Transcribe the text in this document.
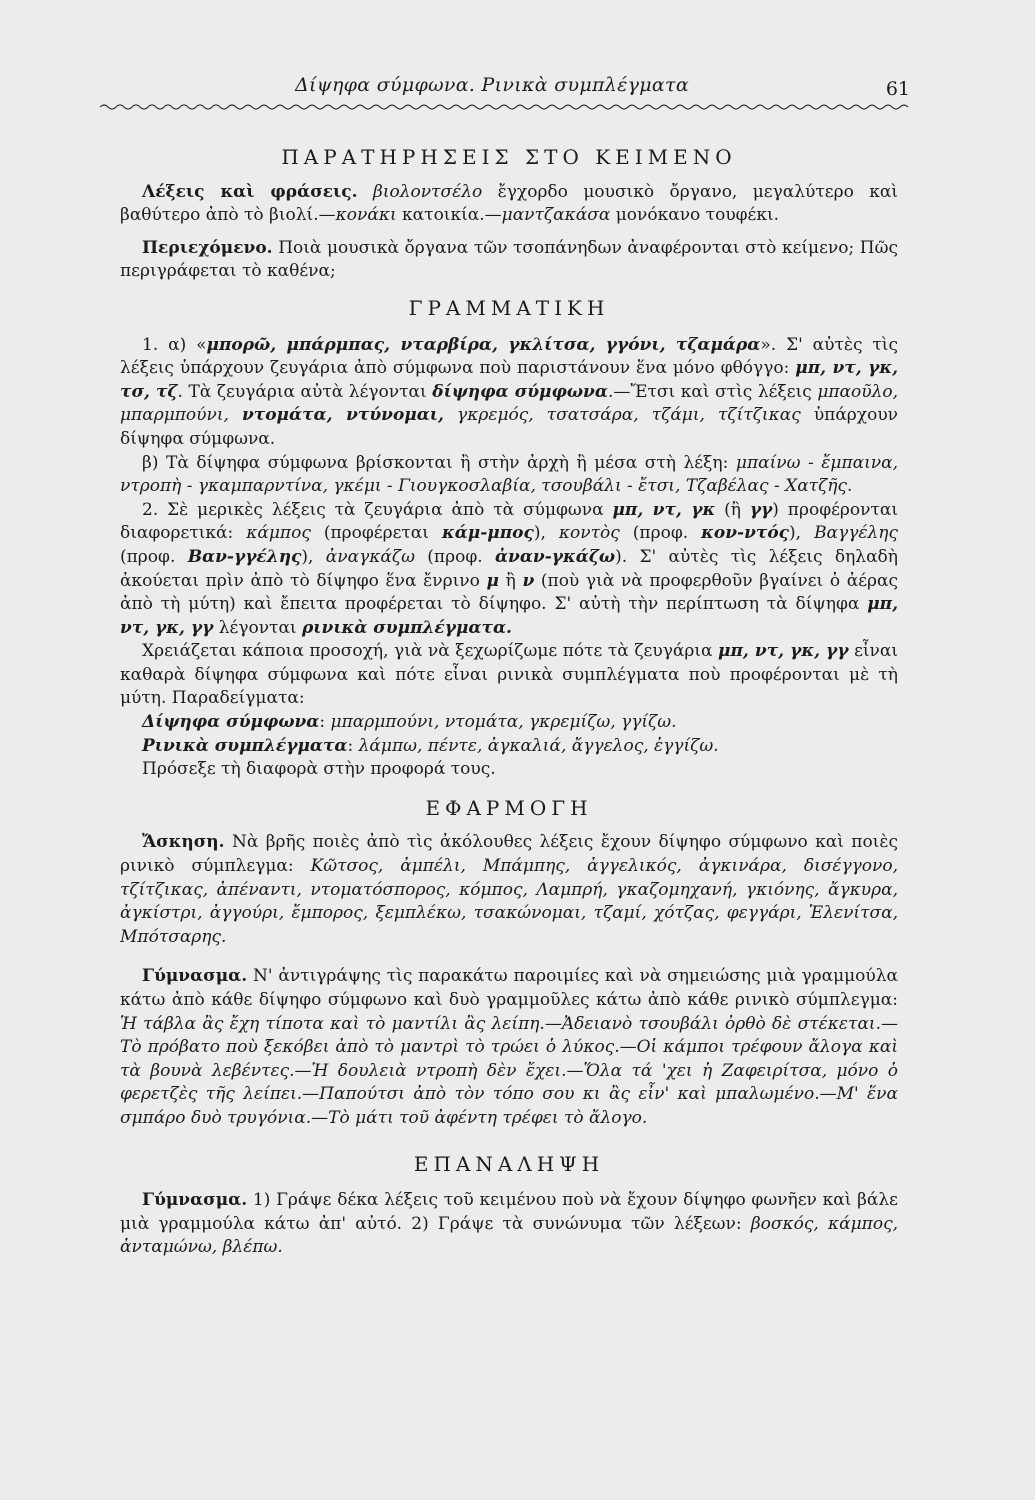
Δίψηφα σύμφωνα. Ρινικὰ συμπλέγματα	61
ΠΑΡΑΤΗΡΗΣΕΙΣ ΣΤΟ ΚΕΙΜΕΝΟ

Λέξεις καὶ φράσεις. βιολοντσέλο ἔγχορδο μουσικὸ ὄργανο, μεγαλύτερο καὶ βαθύτερο ἀπὸ τὸ βιολί.—κονάκι κατοικία.—μαντζακάσα μονόκανο τουφέκι.

Περιεχόμενο. Ποιὰ μουσικὰ ὄργανα τῶν τσοπάνηδων ἀναφέρονται στὸ κείμενο; Πῶς περιγράφεται τὸ καθένα;

ΓΡΑΜΜΑΤΙΚΗ

1. α) «μπορῶ, μπάρμπας, νταρβίρα, γκλίτσα, γγόνι, τζαμάρα». Σ' αὐτὲς τὶς λέξεις ὑπάρχουν ζευγάρια ἀπὸ σύμφωνα ποὺ παριστάνουν ἕνα μόνο φθόγγο: μπ, ντ, γκ, τσ, τζ. Τὰ ζευγάρια αὐτὰ λέγονται δίψηφα σύμφωνα.—Ἔτσι καὶ στὶς λέξεις μπαοῦλο, μπαρμπούνι, ντομάτα, ντύνομαι, γκρεμός, τσατσάρα, τζάμι, τζίτζικας ὑπάρχουν δίψηφα σύμφωνα.

β) Τὰ δίψηφα σύμφωνα βρίσκονται ἢ στὴν ἀρχὴ ἢ μέσα στὴ λέξη: μπαίνω - ἔμπαινα, ντροπὴ - γκαμπαρντίνα, γκέμι - Γιουγκοσλαβία, τσουβάλι - ἔτσι, Τζαβέλας - Χατζῆς.

2. Σὲ μερικὲς λέξεις τὰ ζευγάρια ἀπὸ τὰ σύμφωνα μπ, ντ, γκ (ἢ γγ) προφέρονται διαφορετικά: κάμπος (προφέρεται κάμ-μπος), κοντὸς (προφ. κον-ντός), Βαγγέλης (προφ. Βαν-γγέλης), ἀναγκάζω (προφ. ἀναν-γκάζω). Σ' αὐτὲς τὶς λέξεις δηλαδὴ ἀκούεται πρὶν ἀπὸ τὸ δίψηφο ἕνα ἔνρινο μ ἢ ν (ποὺ γιὰ νὰ προφερθοῦν βγαίνει ὁ ἀέρας ἀπὸ τὴ μύτη) καὶ ἔπειτα προφέρεται τὸ δίψηφο. Σ' αὐτὴ τὴν περίπτωση τὰ δίψηφα μπ, ντ, γκ, γγ λέγονται ρινικὰ συμπλέγματα.

Χρειάζεται κάποια προσοχή, γιὰ νὰ ξεχωρίζωμε πότε τὰ ζευγάρια μπ, ντ, γκ, γγ εἶναι καθαρὰ δίψηφα σύμφωνα καὶ πότε εἶναι ρινικὰ συμπλέγματα ποὺ προφέρονται μὲ τὴ μύτη. Παραδείγματα:

Δίψηφα σύμφωνα: μπαρμπούνι, ντομάτα, γκρεμίζω, γγίζω.

Ρινικὰ συμπλέγματα: λάμπω, πέντε, ἀγκαλιά, ἄγγελος, ἐγγίζω.

Πρόσεξε τὴ διαφορὰ στὴν προφορά τους.

ΕΦΑΡΜΟΓΗ

Ἄσκηση. Νὰ βρῆς ποιὲς ἀπὸ τὶς ἀκόλουθες λέξεις ἔχουν δίψηφο σύμφωνο καὶ ποιὲς ρινικὸ σύμπλεγμα: Κῶτσος, ἀμπέλι, Μπάμπης, ἀγγελικός, ἀγκινάρα, δισέγγονο, τζίτζικας, ἀπέναντι, ντοματόσπορος, κόμπος, Λαμπρή, γκαζομηχανή, γκιόνης, ἄγκυρα, ἀγκίστρι, ἀγγούρι, ἔμπορος, ξεμπλέκω, τσακώνομαι, τζαμί, χότζας, φεγγάρι, Ἑλενίτσα, Μπότσαρης.

Γύμνασμα. Ν' ἀντιγράψης τὶς παρακάτω παροιμίες καὶ νὰ σημειώσης μιὰ γραμμούλα κάτω ἀπὸ κάθε δίψηφο σύμφωνο καὶ δυὸ γραμμοῦλες κάτω ἀπὸ κάθε ρινικὸ σύμπλεγμα: Ἡ τάβλα ἂς ἔχη τίποτα καὶ τὸ μαντίλι ἂς λείπη.—Ἀδειανὸ τσουβάλι ὀρθὸ δὲ στέκεται.—Τὸ πρόβατο ποὺ ξεκόβει ἀπὸ τὸ μαντρὶ τὸ τρώει ὁ λύκος.—Οἱ κάμποι τρέφουν ἄλογα καὶ τὰ βουνὰ λεβέντες.—Ἡ δουλειὰ ντροπὴ δὲν ἔχει.—Ὅλα τά 'χει ἡ Ζαφειρίτσα, μόνο ὁ φερετζὲς τῆς λείπει.—Παπούτσι ἀπὸ τὸν τόπο σου κι ἂς εἶν' καὶ μπαλωμένο.—Μ' ἕνα σμπάρο δυὸ τρυγόνια.—Τὸ μάτι τοῦ ἀφέντη τρέφει τὸ ἄλογο.

ΕΠΑΝΑΛΗΨΗ

Γύμνασμα. 1) Γράψε δέκα λέξεις τοῦ κειμένου ποὺ νὰ ἔχουν δίψηφο φωνῆεν καὶ βάλε μιὰ γραμμούλα κάτω ἀπ' αὐτό. 2) Γράψε τὰ συνώνυμα τῶν λέξεων: βοσκός, κάμπος, ἀνταμώνω, βλέπω.
